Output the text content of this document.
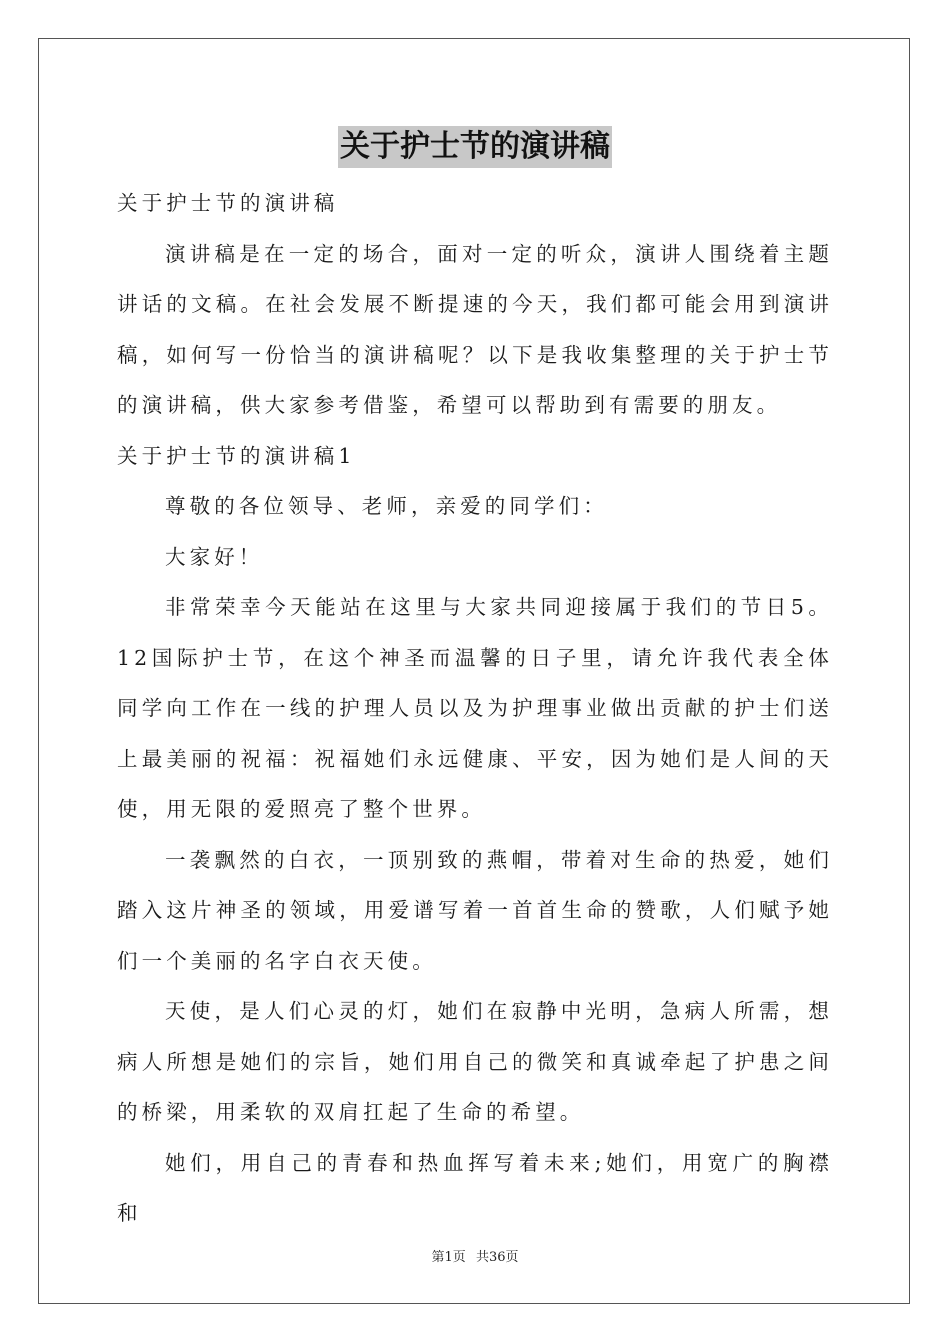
关于护士节的演讲稿

关于护士节的演讲稿

演讲稿是在一定的场合，面对一定的听众，演讲人围绕着主题讲话的文稿。在社会发展不断提速的今天，我们都可能会用到演讲稿，如何写一份恰当的演讲稿呢？以下是我收集整理的关于护士节的演讲稿，供大家参考借鉴，希望可以帮助到有需要的朋友。

关于护士节的演讲稿1

尊敬的各位领导、老师，亲爱的同学们：

大家好！

非常荣幸今天能站在这里与大家共同迎接属于我们的节日5。12国际护士节，在这个神圣而温馨的日子里，请允许我代表全体同学向工作在一线的护理人员以及为护理事业做出贡献的护士们送上最美丽的祝福：祝福她们永远健康、平安，因为她们是人间的天使，用无限的爱照亮了整个世界。

一袭飘然的白衣，一顶别致的燕帽，带着对生命的热爱，她们踏入这片神圣的领域，用爱谱写着一首首生命的赞歌，人们赋予她们一个美丽的名字白衣天使。

天使，是人们心灵的灯，她们在寂静中光明，急病人所需，想病人所想是她们的宗旨，她们用自己的微笑和真诚牵起了护患之间的桥梁，用柔软的双肩扛起了生命的希望。

她们，用自己的青春和热血挥写着未来;她们，用宽广的胸襟和

第1页 共36页
